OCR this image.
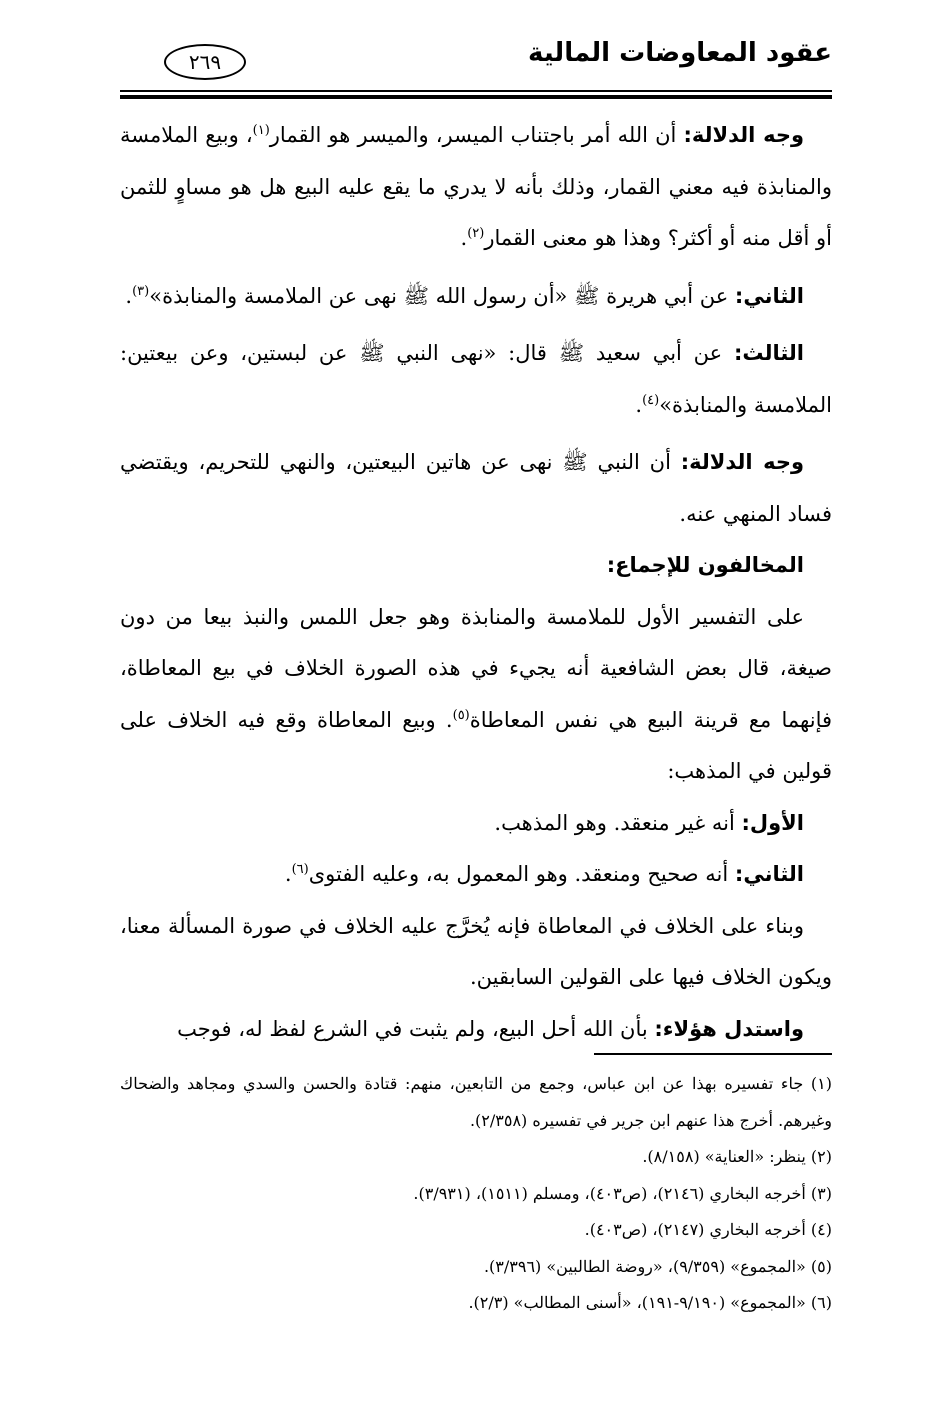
عقود المعاوضات المالية
٢٦٩

وجه الدلالة: أن الله أمر باجتناب الميسر، والميسر هو القمار$^{(١)}$، وبيع الملامسة والمنابذة فيه معني القمار، وذلك بأنه لا يدري ما يقع عليه البيع هل هو مساوٍ للثمن أو أقل منه أو أكثر؟ وهذا هو معنى القمار$^{(٢)}$.

الثاني: عن أبي هريرة ﷺ «أن رسول الله ﷺ نهى عن الملامسة والمنابذة»$^{(٣)}$.

الثالث: عن أبي سعيد ﷺ قال: «نهى النبي ﷺ عن لبستين، وعن بيعتين: الملامسة والمنابذة»$^{(٤)}$.

وجه الدلالة: أن النبي ﷺ نهى عن هاتين البيعتين، والنهي للتحريم، ويقتضي فساد المنهي عنه.

المخالفون للإجماع:

على التفسير الأول للملامسة والمنابذة وهو جعل اللمس والنبذ بيعا من دون صيغة، قال بعض الشافعية أنه يجيء في هذه الصورة الخلاف في بيع المعاطاة، فإنهما مع قرينة البيع هي نفس المعاطاة$^{(٥)}$. وبيع المعاطاة وقع فيه الخلاف على قولين في المذهب:

الأول: أنه غير منعقد. وهو المذهب.

الثاني: أنه صحيح ومنعقد. وهو المعمول به، وعليه الفتوى$^{(٦)}$.

وبناء على الخلاف في المعاطاة فإنه يُخرَّج عليه الخلاف في صورة المسألة معنا، ويكون الخلاف فيها على القولين السابقين.

واستدل هؤلاء: بأن الله أحل البيع، ولم يثبت في الشرع لفظ له، فوجب

(١) جاء تفسيره بهذا عن ابن عباس، وجمع من التابعين، منهم: قتادة والحسن والسدي ومجاهد والضحاك وغيرهم. أخرج هذا عنهم ابن جرير في تفسيره (٢/٣٥٨).

(٢) ينظر: «العناية» (٨/١٥٨).

(٣) أخرجه البخاري (٢١٤٦)، (ص٤٠٣)، ومسلم (١٥١١)، (٣/٩٣١).

(٤) أخرجه البخاري (٢١٤٧)، (ص٤٠٣).

(٥) «المجموع» (٩/٣٥٩)، «روضة الطالبين» (٣/٣٩٦).

(٦) «المجموع» (٩/١٩٠-١٩١)، «أسنى المطالب» (٢/٣).
